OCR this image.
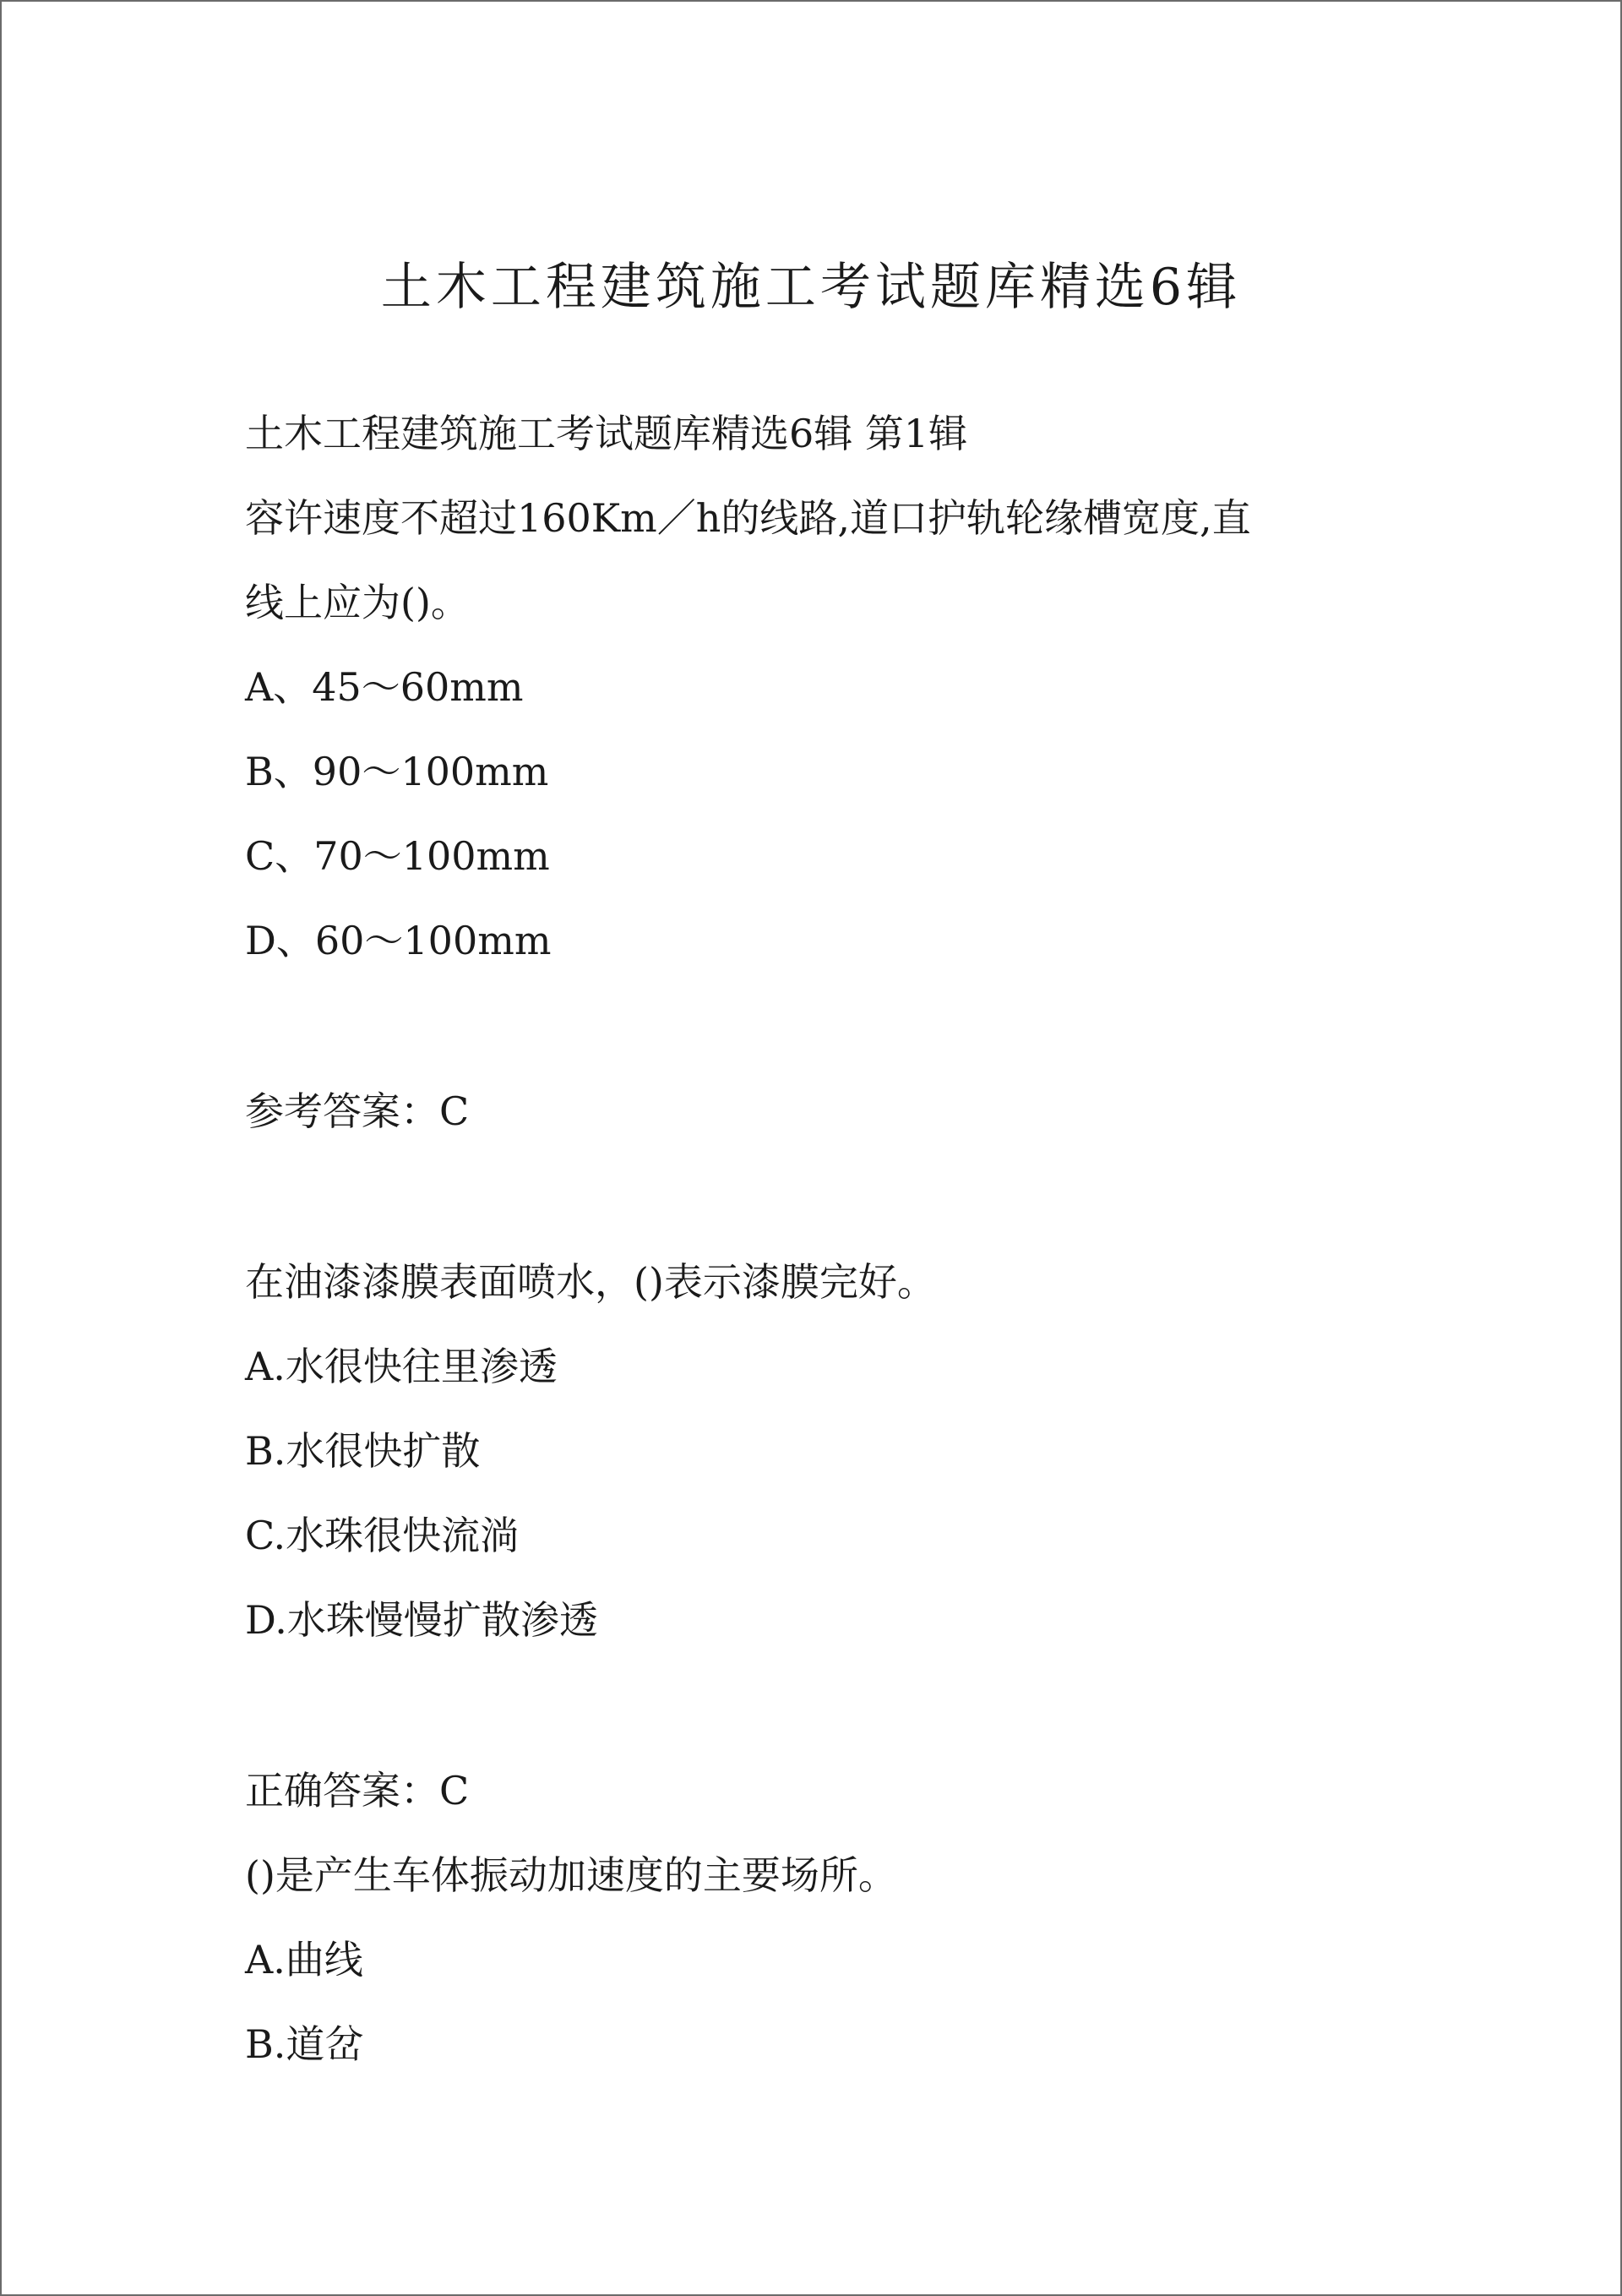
土木工程建筑施工考试题库精选6辑

土木工程建筑施工考试题库精选6辑 第1辑

容许速度不超过160Km／h的线路,道口护轨轮缘槽宽度,直

线上应为()。

A、45～60mm

B、90～100mm

C、70～100mm

D、60～100mm

参考答案：C

在油漆漆膜表面喷水，()表示漆膜完好。

A.水很快往里渗透

B.水很快扩散

C.水珠很快流淌

D.水珠慢慢扩散渗透

正确答案：C

()是产生车体振动加速度的主要场所。

A.曲线

B.道岔
